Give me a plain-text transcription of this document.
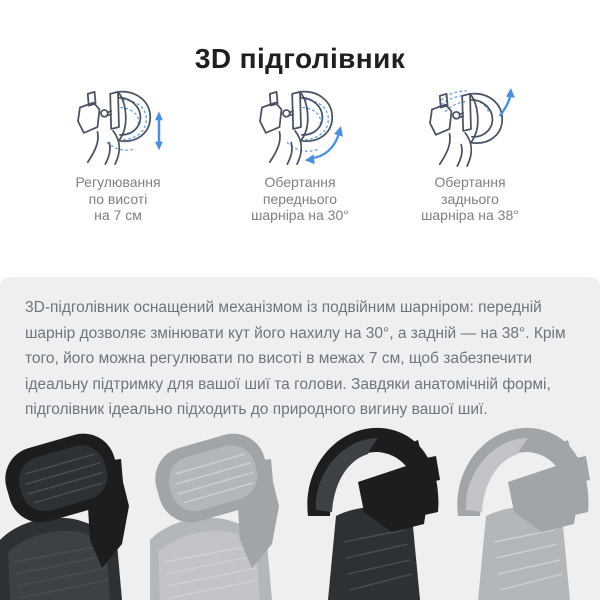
3D підголівник
Регулювання
по висоті
на 7 см
Обертання
переднього
шарніра на 30°
Обертання
заднього
шарніра на 38°

3D-підголівник оснащений механізмом із подвійним шарніром: передній шарнір дозволяє змінювати кут його нахилу на 30°, а задній — на 38°. Крім того, його можна регулювати по висоті в межах 7 см, щоб забезпечити ідеальну підтримку для вашої шиї та голови. Завдяки анатомічній формі, підголівник ідеально підходить до природного вигину вашої шиї.
